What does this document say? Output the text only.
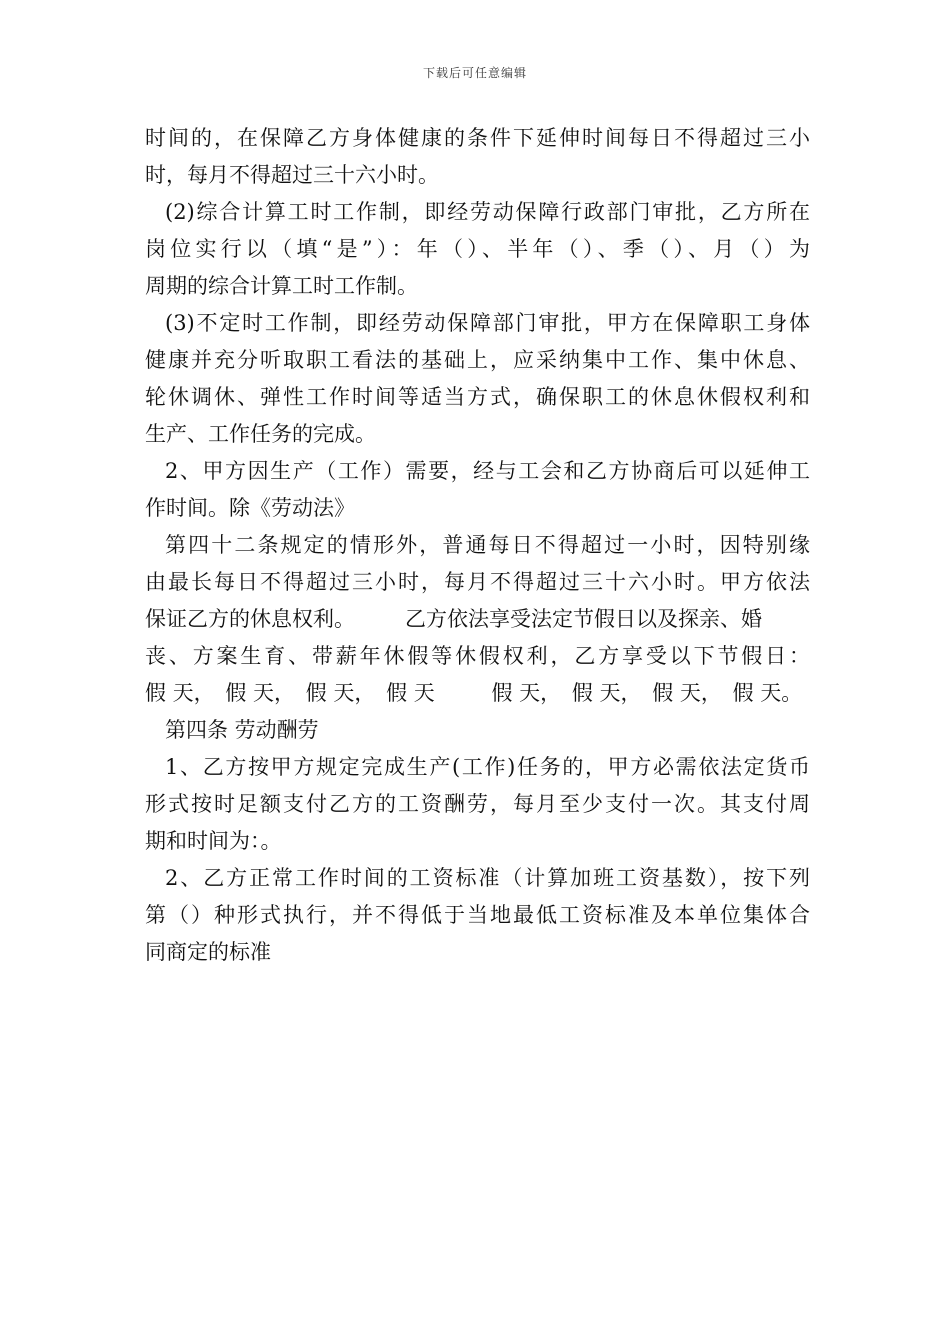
下载后可任意编辑
时间的，在保障乙方身体健康的条件下延伸时间每日不得超过三小
时，每月不得超过三十六小时。
(2)综合计算工时工作制，即经劳动保障行政部门审批，乙方所在
岗位实行以（填“是”）：年（）、半年（）、季（）、月（）为
周期的综合计算工时工作制。
(3)不定时工作制，即经劳动保障部门审批，甲方在保障职工身体
健康并充分听取职工看法的基础上，应采纳集中工作、集中休息、
轮休调休、弹性工作时间等适当方式，确保职工的休息休假权利和
生产、工作任务的完成。
2、甲方因生产（工作）需要，经与工会和乙方协商后可以延伸工
作时间。除《劳动法》
第四十二条规定的情形外，普通每日不得超过一小时，因特别缘
由最长每日不得超过三小时，每月不得超过三十六小时。甲方依法
保证乙方的休息权利。 乙方依法享受法定节假日以及探亲、婚
丧、方案生育、带薪年休假等休假权利，乙方享受以下节假日：
假 天， 假 天， 假 天， 假 天	假 天， 假 天， 假 天， 假 天。
第四条 劳动酬劳
1、乙方按甲方规定完成生产(工作)任务的，甲方必需依法定货币
形式按时足额支付乙方的工资酬劳，每月至少支付一次。其支付周
期和时间为：。
2、乙方正常工作时间的工资标准（计算加班工资基数），按下列
第（）种形式执行，并不得低于当地最低工资标准及本单位集体合
同商定的标准
